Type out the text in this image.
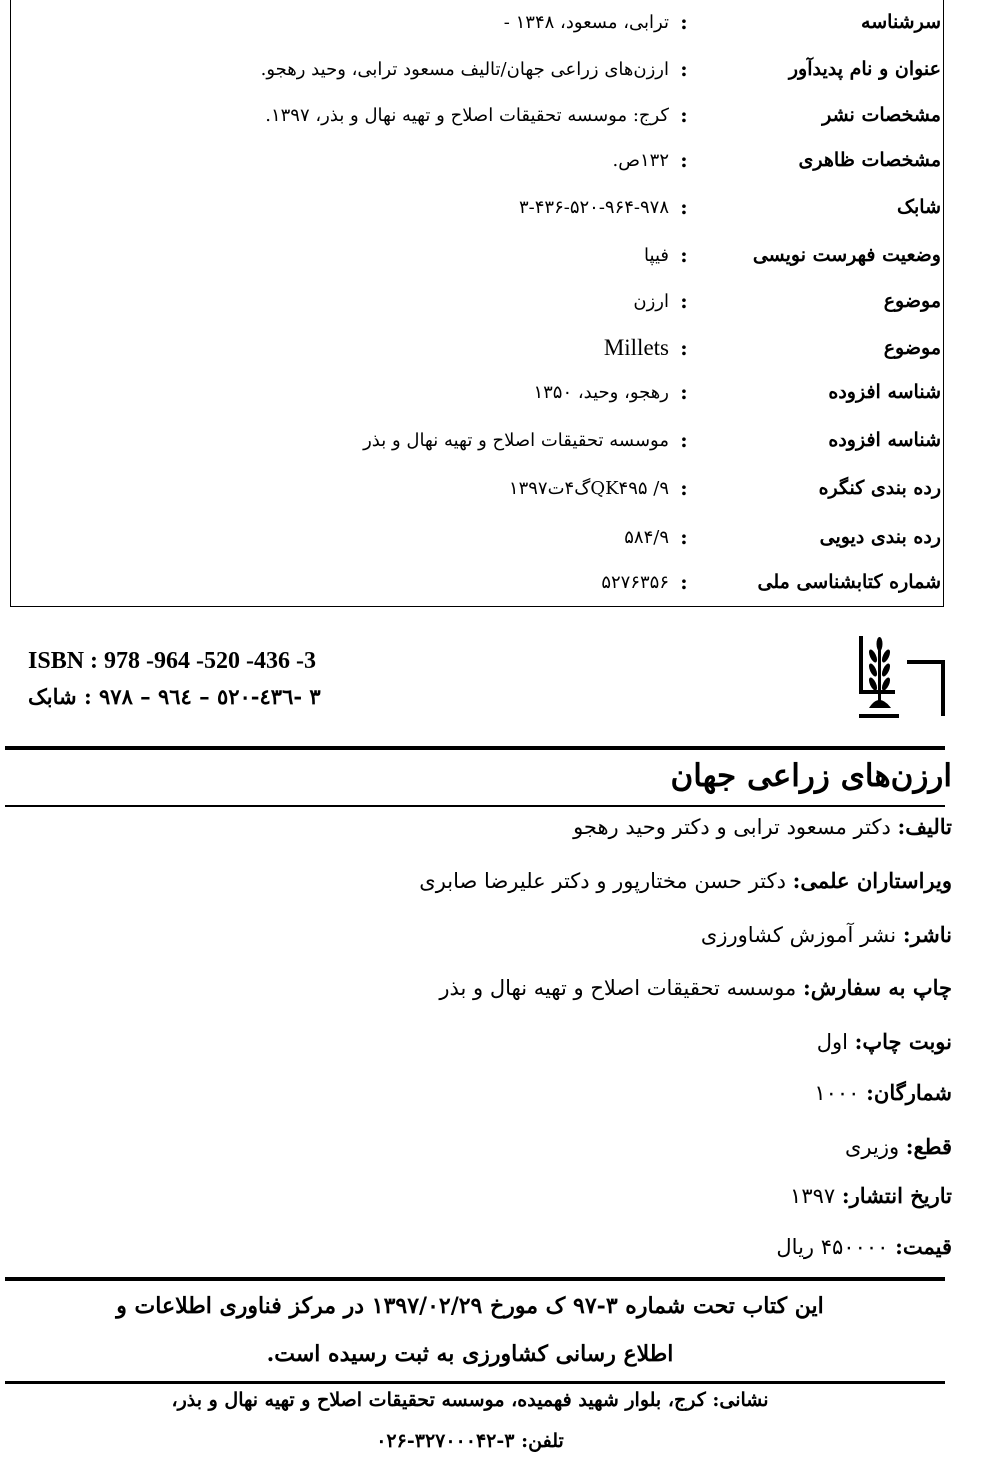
سرشناسه
:
ترابی، مسعود، ۱۳۴۸ -
عنوان و نام پدیدآور
:
ارزن‌های زراعی جهان/تالیف مسعود ترابی، وحید رهجو.
مشخصات نشر
:
کرج: موسسه تحقیقات اصلاح و تهیه نهال و بذر، ۱۳۹۷.
مشخصات ظاهری
:
۱۳۲ص.
شابک
:
۳-۴۳۶-۵۲۰-۹۶۴-۹۷۸
وضعیت فهرست نویسی
:
فیپا
موضوع
:
ارزن
موضوع
:
Millets
شناسه افزوده
:
رهجو، وحید، ۱۳۵۰
شناسه افزوده
:
موسسه تحقیقات اصلاح و تهیه نهال و بذر
رده بندی کنگره
:
QK۴۹۵ /۹گ۴ت۱۳۹۷
رده بندی دیویی
:
۵۸۴/۹
شماره کتابشناسی ملی
:
۵۲۷۶۳۵۶
ISBN : 978 -964 -520 -436 -3
۳ -٤٣٦-٥٢٠ – ٩٦٤ – ۹۷۸ : شابک
ارزن‌های زراعی جهان
تالیف: دکتر مسعود ترابی و دکتر وحید رهجو
ویراستاران علمی: دکتر حسن مختارپور و دکتر علیرضا صابری
ناشر: نشر آموزش کشاورزی
چاپ به سفارش: موسسه تحقیقات اصلاح و تهیه نهال و بذر
نوبت چاپ: اول
شمارگان: ۱۰۰۰
قطع: وزیری
تاریخ انتشار: ۱۳۹۷
قیمت: ۴۵۰۰۰۰ ریال
این کتاب تحت شماره ۳-۹۷ ک مورخ ۱۳۹۷/۰۲/۲۹ در مرکز فناوری اطلاعات و
اطلاع رسانی کشاورزی به ثبت رسیده است.
نشانی: کرج، بلوار شهید فهمیده، موسسه تحقیقات اصلاح و تهیه نهال و بذر،
تلفن: ۳-۳۲۷۰۰۰۴۲-۰۲۶
